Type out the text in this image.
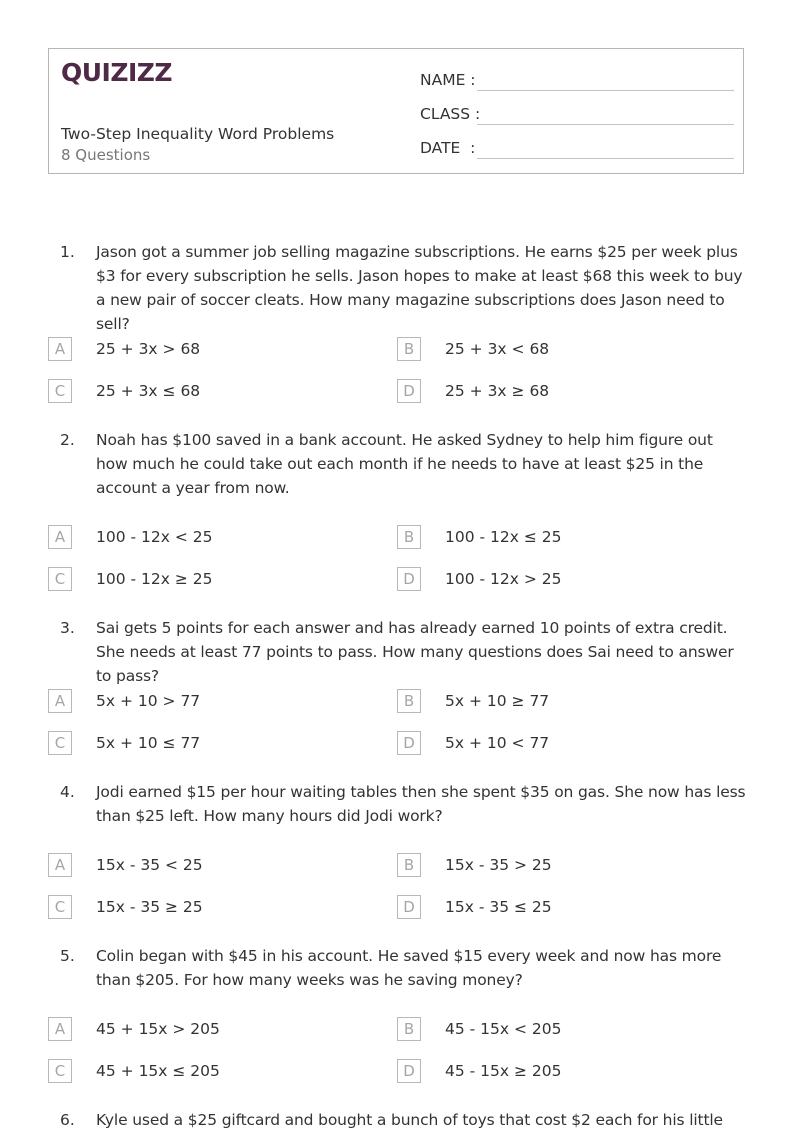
QUIZIZZ
Two-Step Inequality Word Problems
8 Questions
NAME :
CLASS :
DATE  :
1. Jason got a summer job selling magazine subscriptions. He earns $25 per week plus $3 for every subscription he sells. Jason hopes to make at least $68 this week to buy a new pair of soccer cleats. How many magazine subscriptions does Jason need to sell?
A	25 + 3x > 68	B	25 + 3x < 68
C	25 + 3x ≤ 68	D	25 + 3x ≥ 68
2. Noah has $100 saved in a bank account. He asked Sydney to help him figure out how much he could take out each month if he needs to have at least $25 in the account a year from now.
A	100 - 12x < 25	B	100 - 12x ≤ 25
C	100 - 12x ≥ 25	D	100 - 12x > 25
3. Sai gets 5 points for each answer and has already earned 10 points of extra credit. She needs at least 77 points to pass. How many questions does Sai need to answer to pass?
A	5x + 10 > 77	B	5x + 10 ≥ 77
C	5x + 10 ≤ 77	D	5x + 10 < 77
4. Jodi earned $15 per hour waiting tables then she spent $35 on gas. She now has less than $25 left. How many hours did Jodi work?
A	15x - 35 < 25	B	15x - 35 > 25
C	15x - 35 ≥ 25	D	15x - 35 ≤ 25
5. Colin began with $45 in his account. He saved $15 every week and now has more than $205. For how many weeks was he saving money?
A	45 + 15x > 205	B	45 - 15x < 205
C	45 + 15x ≤ 205	D	45 - 15x ≥ 205
6. Kyle used a $25 giftcard and bought a bunch of toys that cost $2 each for his little
